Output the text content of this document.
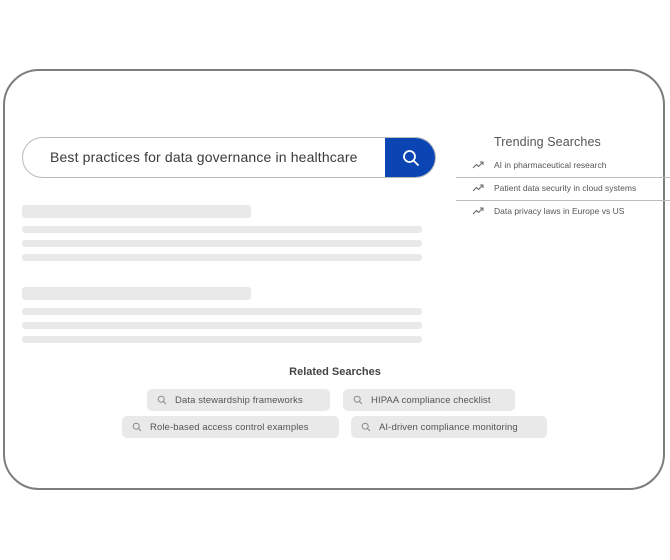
Best practices for data governance in healthcare
Trending Searches
AI in pharmaceutical research
Patient data security in cloud systems
Data privacy laws in Europe vs US
Related Searches
Data stewardship frameworks	HIPAA compliance checklist
Role-based access control examples	AI-driven compliance monitoring
